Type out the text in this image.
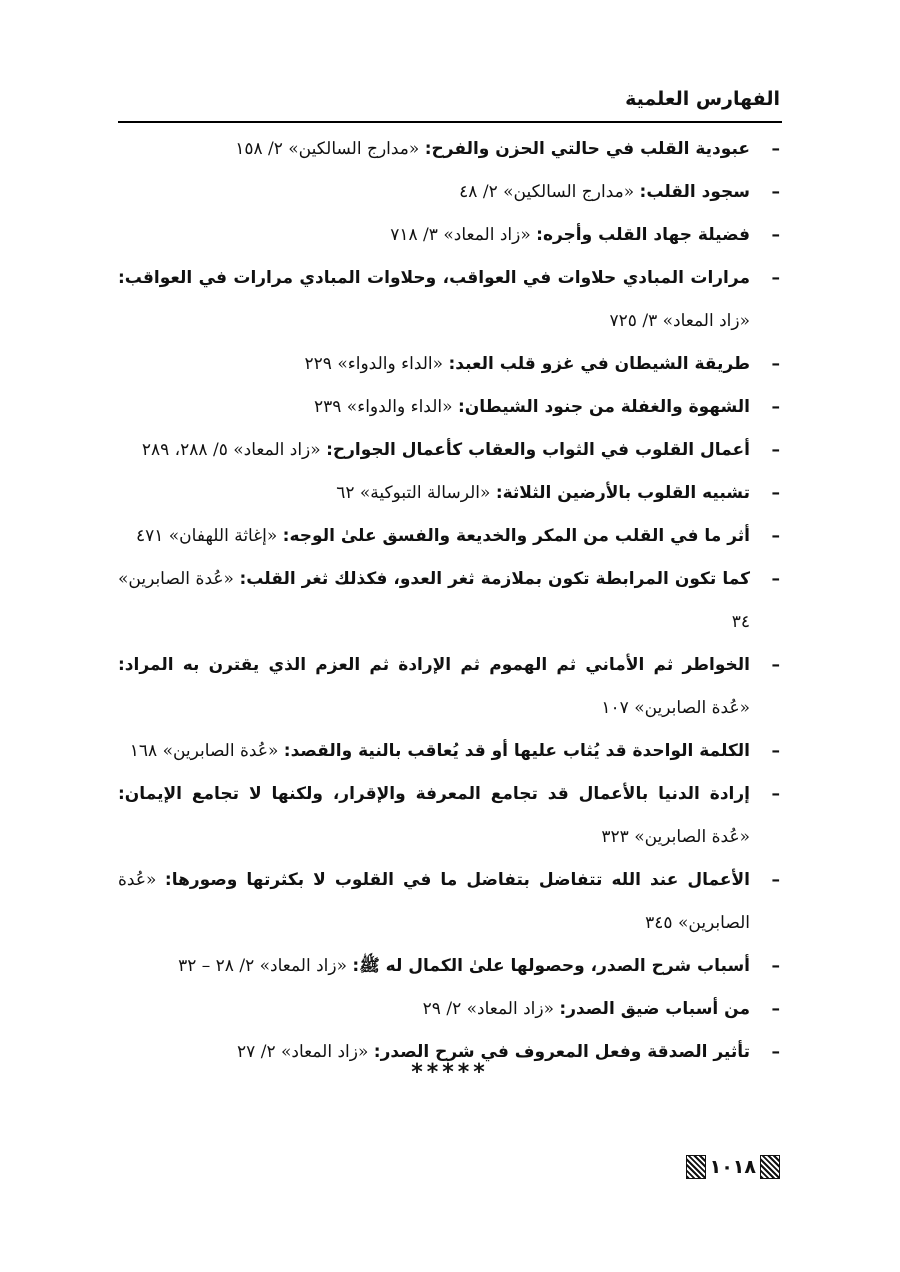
الفهارس العلمية
–
عبودية القلب في حالتي الحزن والفرح: «مدارج السالكين» ٢/ ١٥٨
–
سجود القلب: «مدارج السالكين» ٢/ ٤٨
–
فضيلة جهاد القلب وأجره: «زاد المعاد» ٣/ ٧١٨
–
مرارات المبادي حلاوات في العواقب، وحلاوات المبادي مرارات في العواقب: «زاد المعاد» ٣/ ٧٢٥
–
طريقة الشيطان في غزو قلب العبد: «الداء والدواء» ٢٢٩
–
الشهوة والغفلة من جنود الشيطان: «الداء والدواء» ٢٣٩
–
أعمال القلوب في الثواب والعقاب كأعمال الجوارح: «زاد المعاد» ٥/ ٢٨٨، ٢٨٩
–
تشبيه القلوب بالأرضين الثلاثة: «الرسالة التبوكية» ٦٢
–
أثر ما في القلب من المكر والخديعة والفسق علىٰ الوجه: «إغاثة اللهفان» ٤٧١
–
كما تكون المرابطة تكون بملازمة ثغر العدو، فكذلك ثغر القلب: «عُدة الصابرين» ٣٤
–
الخواطر ثم الأماني ثم الهموم ثم الإرادة ثم العزم الذي يقترن به المراد: «عُدة الصابرين» ١٠٧
–
الكلمة الواحدة قد يُثاب عليها أو قد يُعاقب بالنية والقصد: «عُدة الصابرين» ١٦٨
–
إرادة الدنيا بالأعمال قد تجامع المعرفة والإقرار، ولكنها لا تجامع الإيمان: «عُدة الصابرين» ٣٢٣
–
الأعمال عند الله تتفاضل بتفاضل ما في القلوب لا بكثرتها وصورها: «عُدة الصابرين» ٣٤٥
–
أسباب شرح الصدر، وحصولها علىٰ الكمال له ﷺ: «زاد المعاد» ٢/ ٢٨ – ٣٢
–
من أسباب ضيق الصدر: «زاد المعاد» ٢/ ٢٩
–
تأثير الصدقة وفعل المعروف في شرح الصدر: «زاد المعاد» ٢/ ٢٧
*****
١٠١٨
